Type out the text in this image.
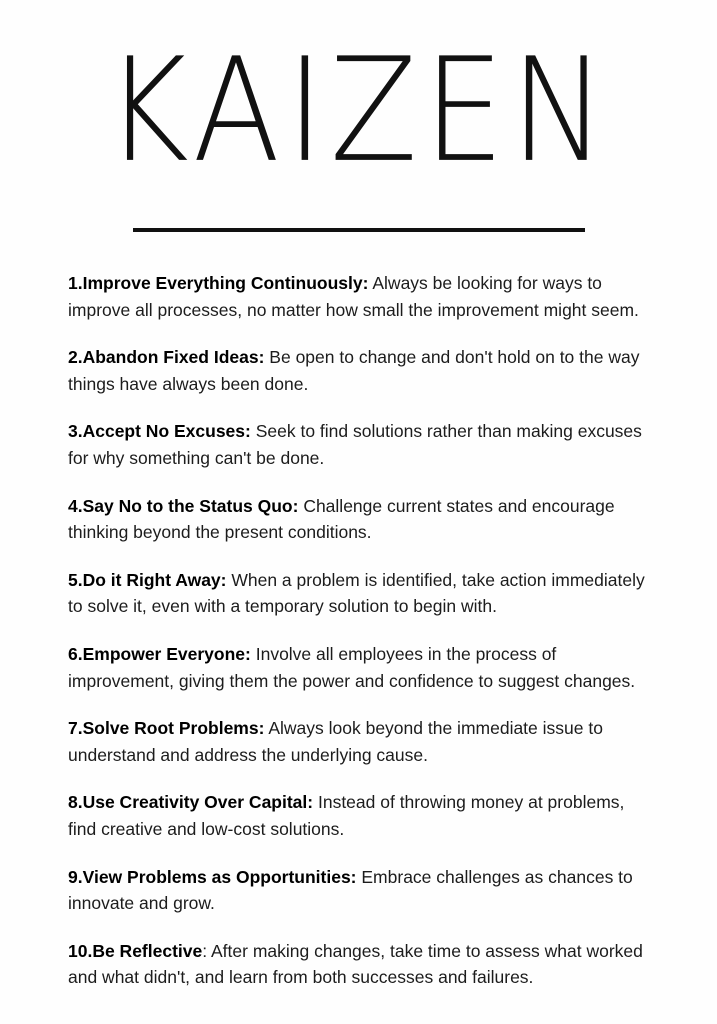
KAIZEN

1.Improve Everything Continuously: Always be looking for ways to improve all processes, no matter how small the improvement might seem.

2.Abandon Fixed Ideas: Be open to change and don't hold on to the way things have always been done.

3.Accept No Excuses: Seek to find solutions rather than making excuses for why something can't be done.

4.Say No to the Status Quo: Challenge current states and encourage thinking beyond the present conditions.

5.Do it Right Away: When a problem is identified, take action immediately to solve it, even with a temporary solution to begin with.

6.Empower Everyone: Involve all employees in the process of improvement, giving them the power and confidence to suggest changes.

7.Solve Root Problems: Always look beyond the immediate issue to understand and address the underlying cause.

8.Use Creativity Over Capital: Instead of throwing money at problems, find creative and low-cost solutions.

9.View Problems as Opportunities: Embrace challenges as chances to innovate and grow.

10.Be Reflective: After making changes, take time to assess what worked and what didn't, and learn from both successes and failures.
